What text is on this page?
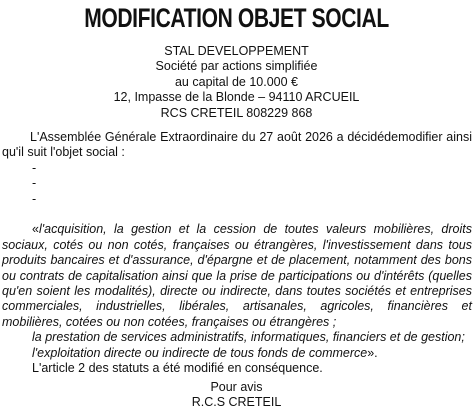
MODIFICATION OBJET SOCIAL
STAL DEVELOPPEMENT
Société par actions simplifiée
au capital de 10.000 €
12, Impasse de la Blonde – 94110 ARCUEIL
RCS CRETEIL 808229 868

L'Assemblée Générale Extraordinaire du 27 août 2026 a décidédemodifier ainsi qu'il suit l'objet social :

-
-
-

«l'acquisition, la gestion et la cession de toutes valeurs mobilières, droits sociaux, cotés ou non cotés, françaises ou étrangères, l'investissement dans tous produits bancaires et d'assurance, d'épargne et de placement, notamment des bons ou contrats de capitalisation ainsi que la prise de participations ou d'intérêts (quelles qu'en soient les modalités), directe ou indirecte, dans toutes sociétés et entreprises commerciales, industrielles, libérales, artisanales, agricoles, financières et mobilières, cotées ou non cotées, françaises ou étrangères ;

la prestation de services administratifs, informatiques, financiers et de gestion;

l'exploitation directe ou indirecte de tous fonds de commerce».

L'article 2 des statuts a été modifié en conséquence.

Pour avis
R.C.S CRETEIL
